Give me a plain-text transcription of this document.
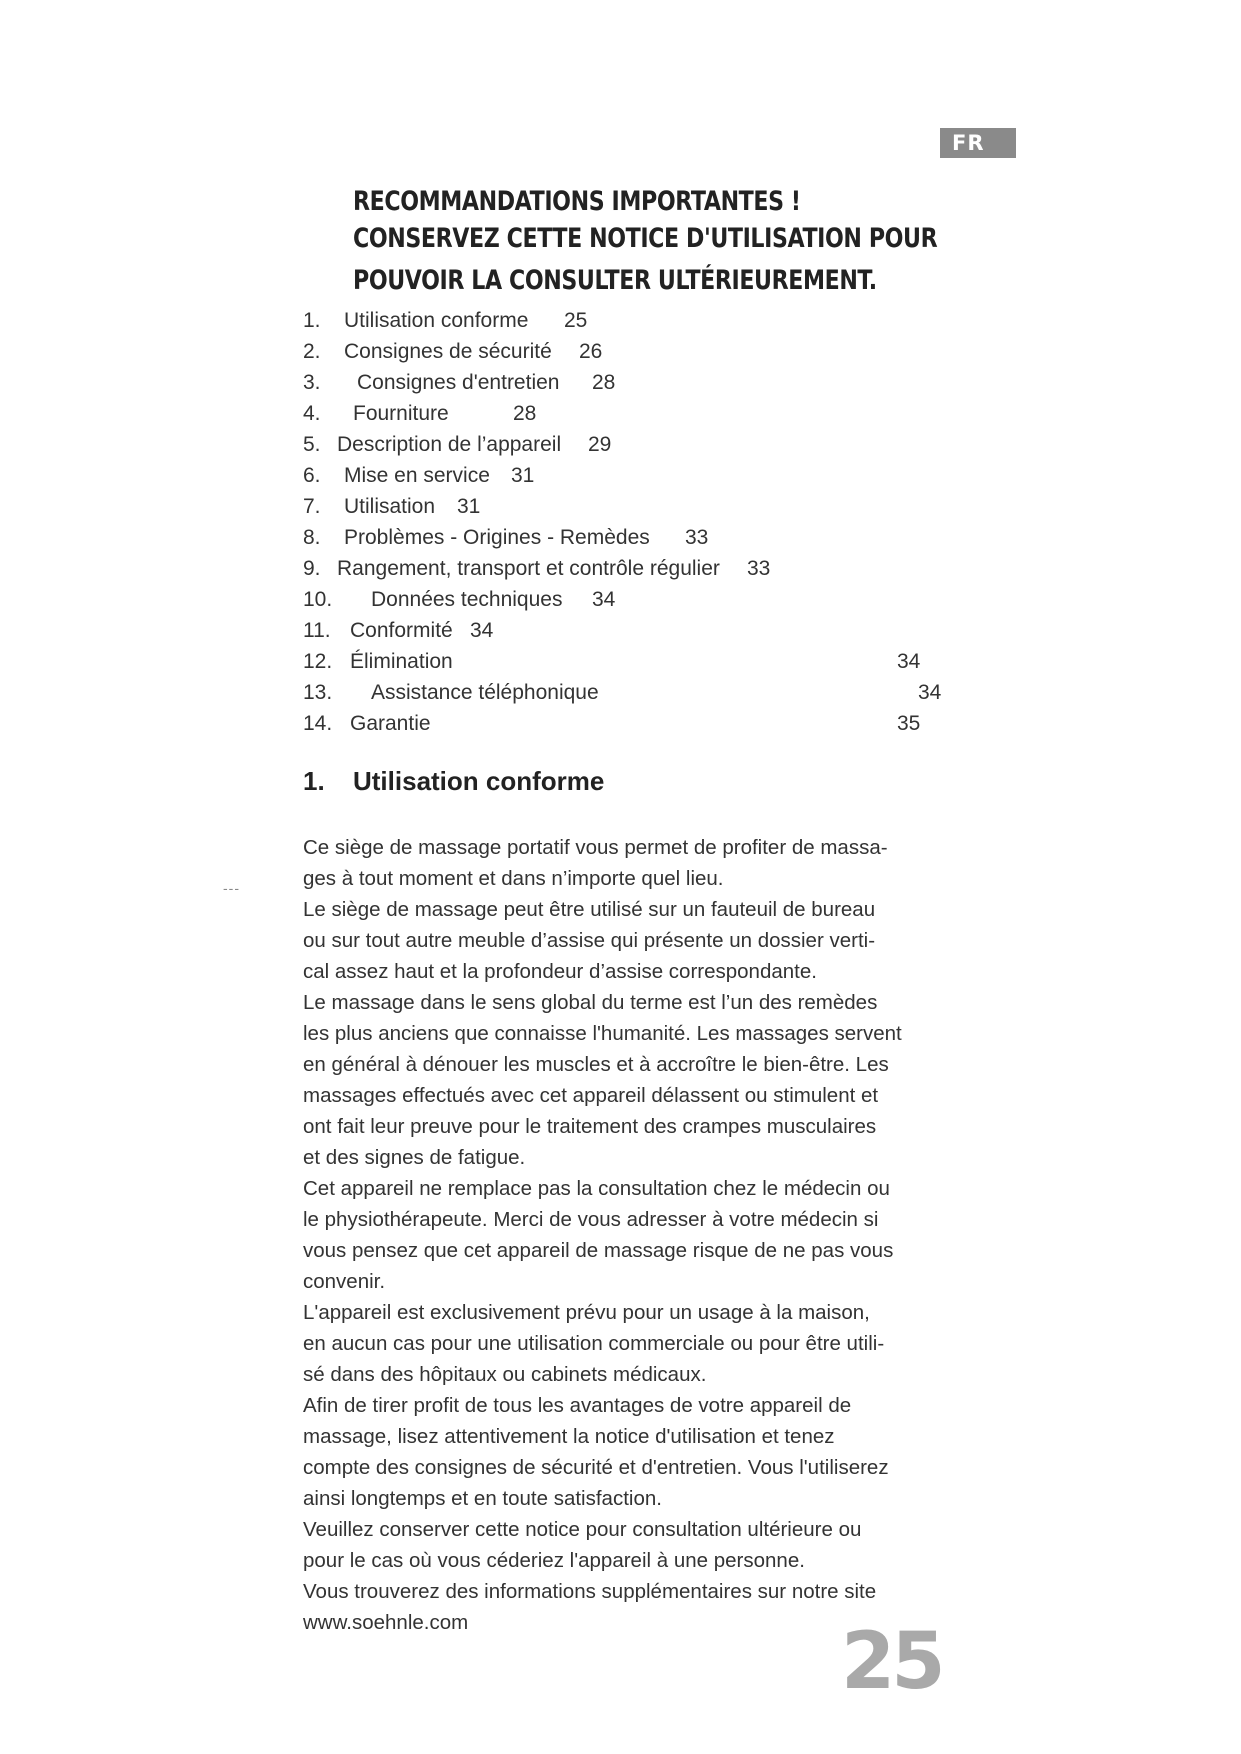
FR
RECOMMANDATIONS IMPORTANTES !
CONSERVEZ CETTE NOTICE D'UTILISATION POUR
POUVOIR LA CONSULTER ULTÉRIEUREMENT.
1. Utilisation conforme 25
2. Consignes de sécurité 26
3. Consignes d'entretien 28
4. Fourniture	28
5. Description de l’appareil 29
6. Mise en service 31
7. Utilisation 31
8. Problèmes - Origines - Remèdes 33
9. Rangement, transport et contrôle régulier 33
10. Données techniques 34
11. Conformité 34
12. Élimination	34
13. Assistance téléphonique	34
14. Garantie	35
1. Utilisation conforme
---
Ce siège de massage portatif vous permet de profiter de massa-
ges à tout moment et dans n’importe quel lieu.
Le siège de massage peut être utilisé sur un fauteuil de bureau
ou sur tout autre meuble d’assise qui présente un dossier verti-
cal assez haut et la profondeur d’assise correspondante.
Le massage dans le sens global du terme est l’un des remèdes
les plus anciens que connaisse l'humanité. Les massages servent
en général à dénouer les muscles et à accroître le bien-être. Les
massages effectués avec cet appareil délassent ou stimulent et
ont fait leur preuve pour le traitement des crampes musculaires
et des signes de fatigue.
Cet appareil ne remplace pas la consultation chez le médecin ou
le physiothérapeute. Merci de vous adresser à votre médecin si
vous pensez que cet appareil de massage risque de ne pas vous
convenir.
L'appareil est exclusivement prévu pour un usage à la maison,
en aucun cas pour une utilisation commerciale ou pour être utili-
sé dans des hôpitaux ou cabinets médicaux.
Afin de tirer profit de tous les avantages de votre appareil de
massage, lisez attentivement la notice d'utilisation et tenez
compte des consignes de sécurité et d'entretien. Vous l'utiliserez
ainsi longtemps et en toute satisfaction.
Veuillez conserver cette notice pour consultation ultérieure ou
pour le cas où vous céderiez l'appareil à une personne.
Vous trouverez des informations supplémentaires sur notre site
www.soehnle.com	25
